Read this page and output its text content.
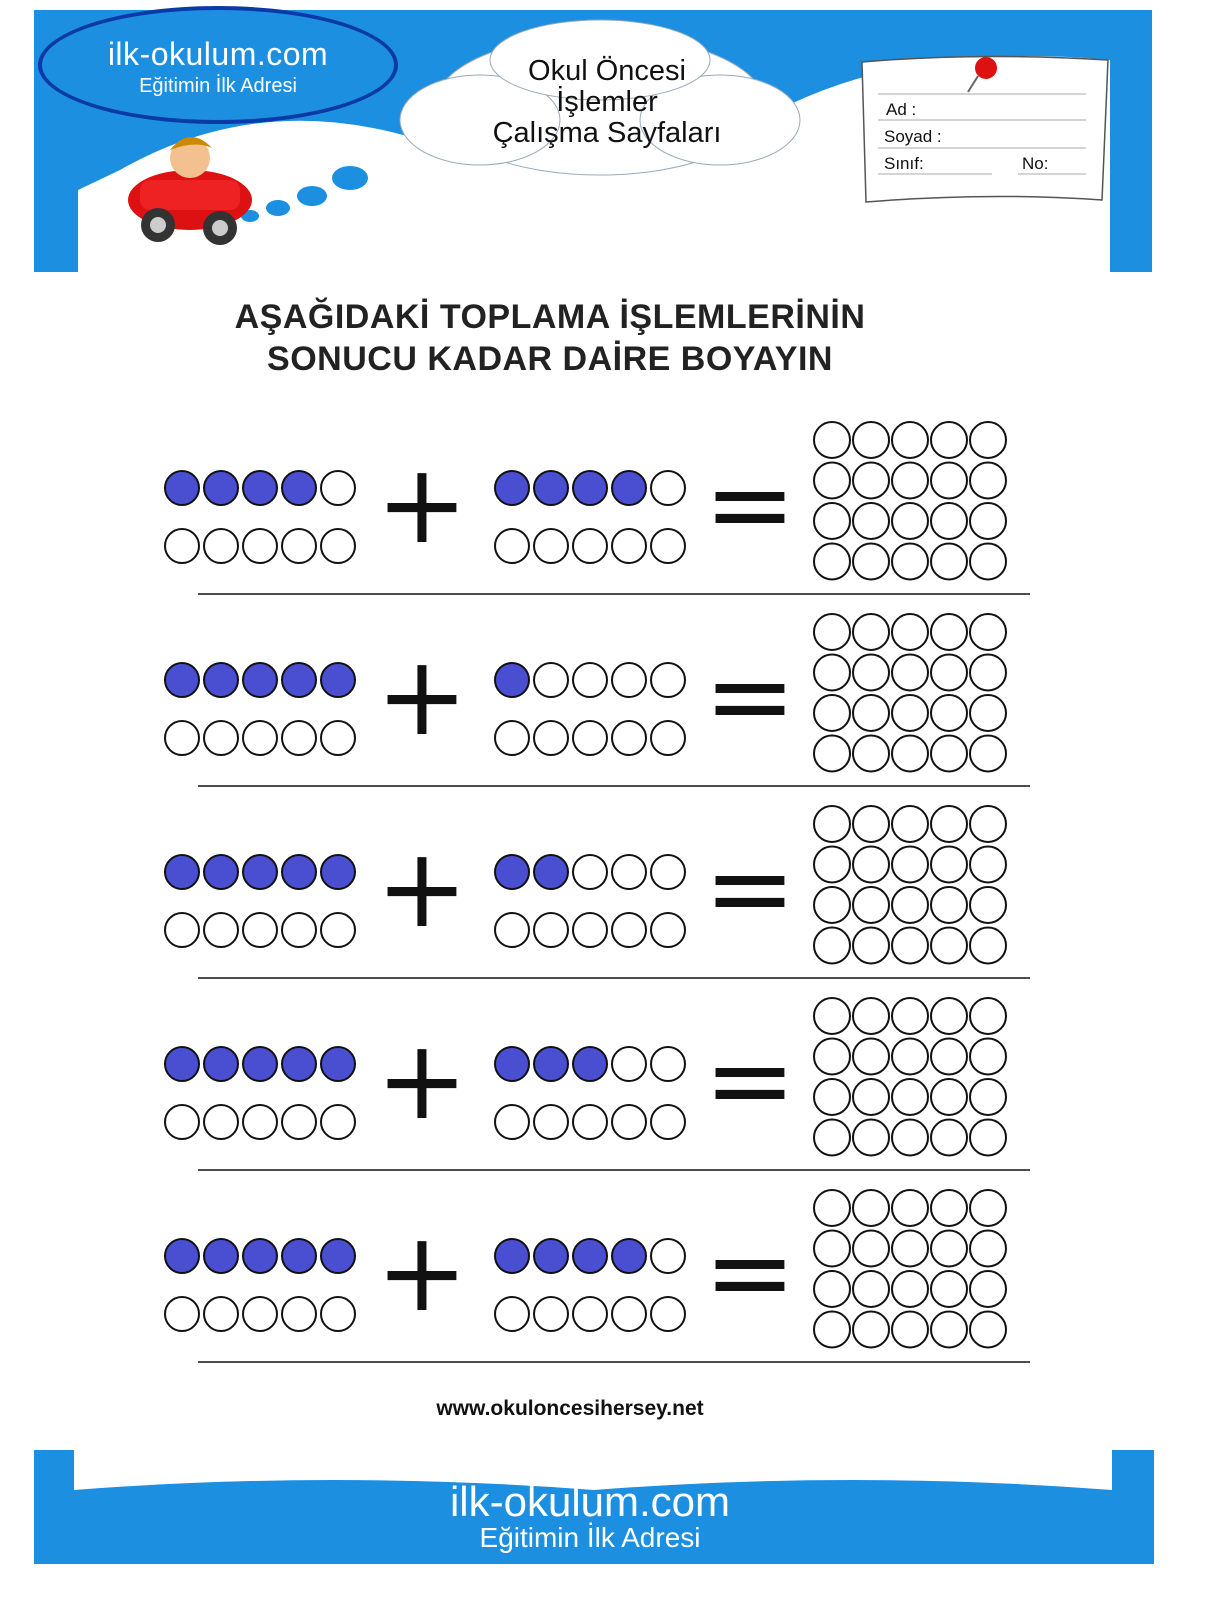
ilk-okulum.com
Eğitimin İlk Adresi	Okul Öncesi
İşlemler
Çalışma Sayfaları
Ad :
Soyad :
Sınıf:	No:
AŞAĞIDAKİ TOPLAMA İŞLEMLERİNİN
SONUCU KADAR DAİRE BOYAYIN
+ =
+ =
+ =
+ =
+ =
www.okuloncesihersey.net
ilk-okulum.com
Eğitimin İlk Adresi
